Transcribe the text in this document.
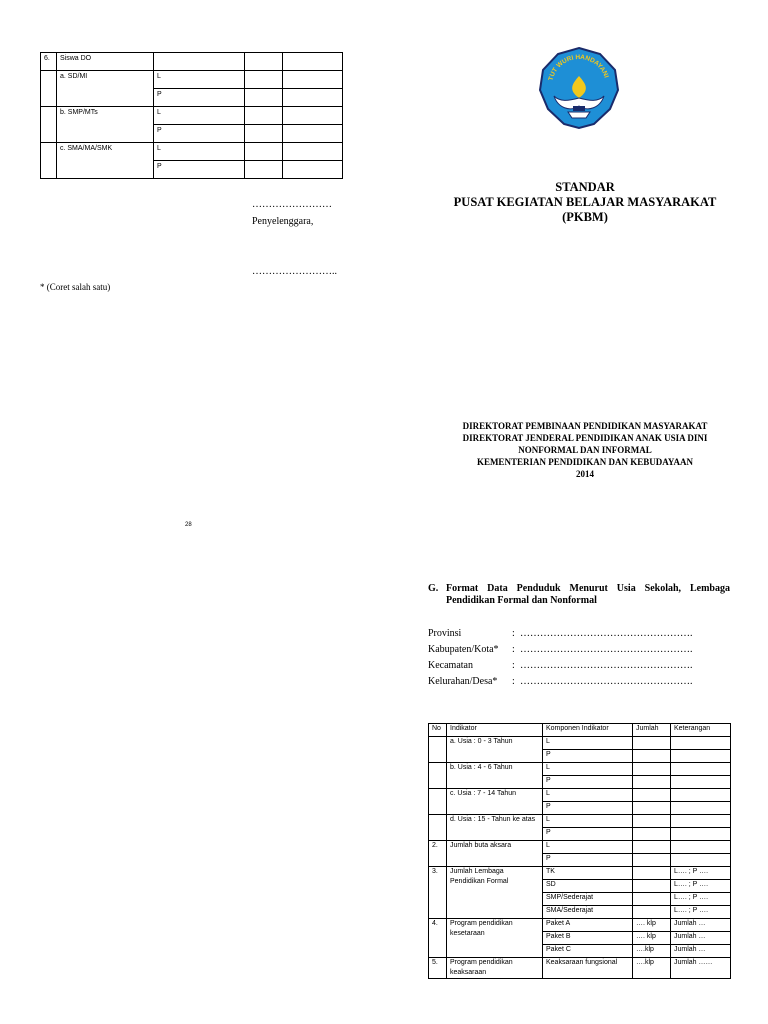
6.	Siswa DO			
	a. SD/MI	L		
		P		
	b. SMP/MTs	L		
		P		
	c. SMA/MA/SMK	L		
		P		
……………………
Penyelenggara,
……………………..
* (Coret salah satu)
28
TUT WURI HANDAYANI
STANDAR
PUSAT KEGIATAN BELAJAR MASYARAKAT
(PKBM)
DIREKTORAT PEMBINAAN PENDIDIKAN MASYARAKAT
DIREKTORAT JENDERAL PENDIDIKAN ANAK USIA DINI
NONFORMAL DAN INFORMAL
KEMENTERIAN PENDIDIKAN DAN KEBUDAYAAN
2014
G. Format Data Penduduk Menurut Usia Sekolah, Lembaga Pendidikan Formal dan Nonformal
Provinsi	: …………………………………………….
Kabupaten/Kota*	: …………………………………………….
Kecamatan	: …………………………………………….
Kelurahan/Desa*	: …………………………………………….
No	Indikator	Komponen Indikator	Jumlah	Keterangan
	a. Usia : 0 - 3 Tahun	L		
		P		
	b. Usia : 4 - 6 Tahun	L		
		P		
	c. Usia : 7 - 14 Tahun	L		
		P		
	d. Usia : 15 - Tahun ke atas	L		
		P		
2.	Jumlah buta aksara	L		
		P		
3.	Jumlah Lembaga Pendidikan Formal	TK		L…. ; P ….
		SD		L…. ; P ….
		SMP/Sederajat		L…. ; P ….
		SMA/Sederajat		L…. ; P ….
4.	Program pendidikan kesetaraan	Paket A	…. klp	Jumlah …
		Paket B	…. klp	Jumlah …
		Paket C	….klp	Jumlah …
5.	Program pendidikan keaksaraan	Keaksaraan fungsional	….klp	Jumlah ……
